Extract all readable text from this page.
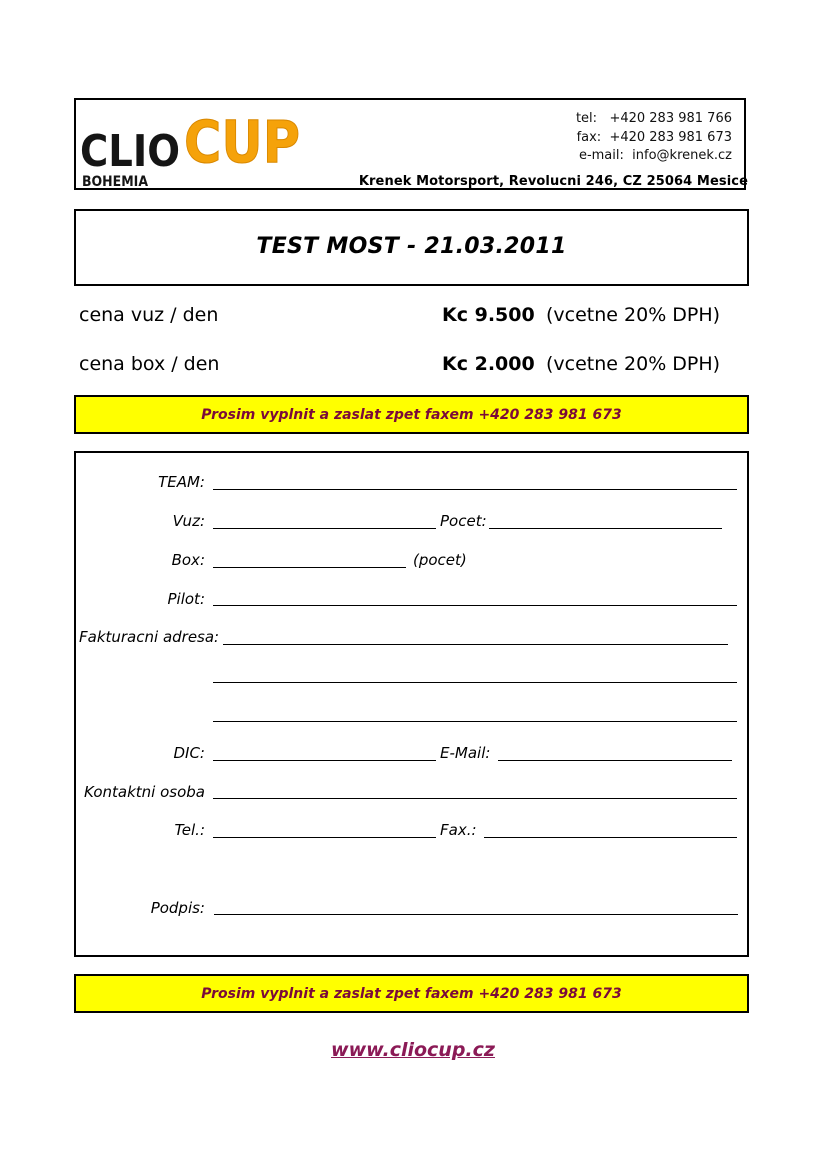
CLIO CUP
BOHEMIA
tel: +420 283 981 766
fax: +420 283 981 673
e-mail: info@krenek.cz
Krenek Motorsport, Revolucni 246, CZ 25064 Mesice
TEST MOST - 21.03.2011
cena vuz / den	Kc 9.500 (vcetne 20% DPH)
cena box / den	Kc 2.000 (vcetne 20% DPH)
Prosim vyplnit a zaslat zpet faxem +420 283 981 673
TEAM:
Vuz:	Pocet:
Box:	(pocet)
Pilot:
Fakturacni adresa:
DIC:	E-Mail:
Kontaktni osoba
Tel.:	Fax.:
Podpis:
Prosim vyplnit a zaslat zpet faxem +420 283 981 673
www.cliocup.cz
